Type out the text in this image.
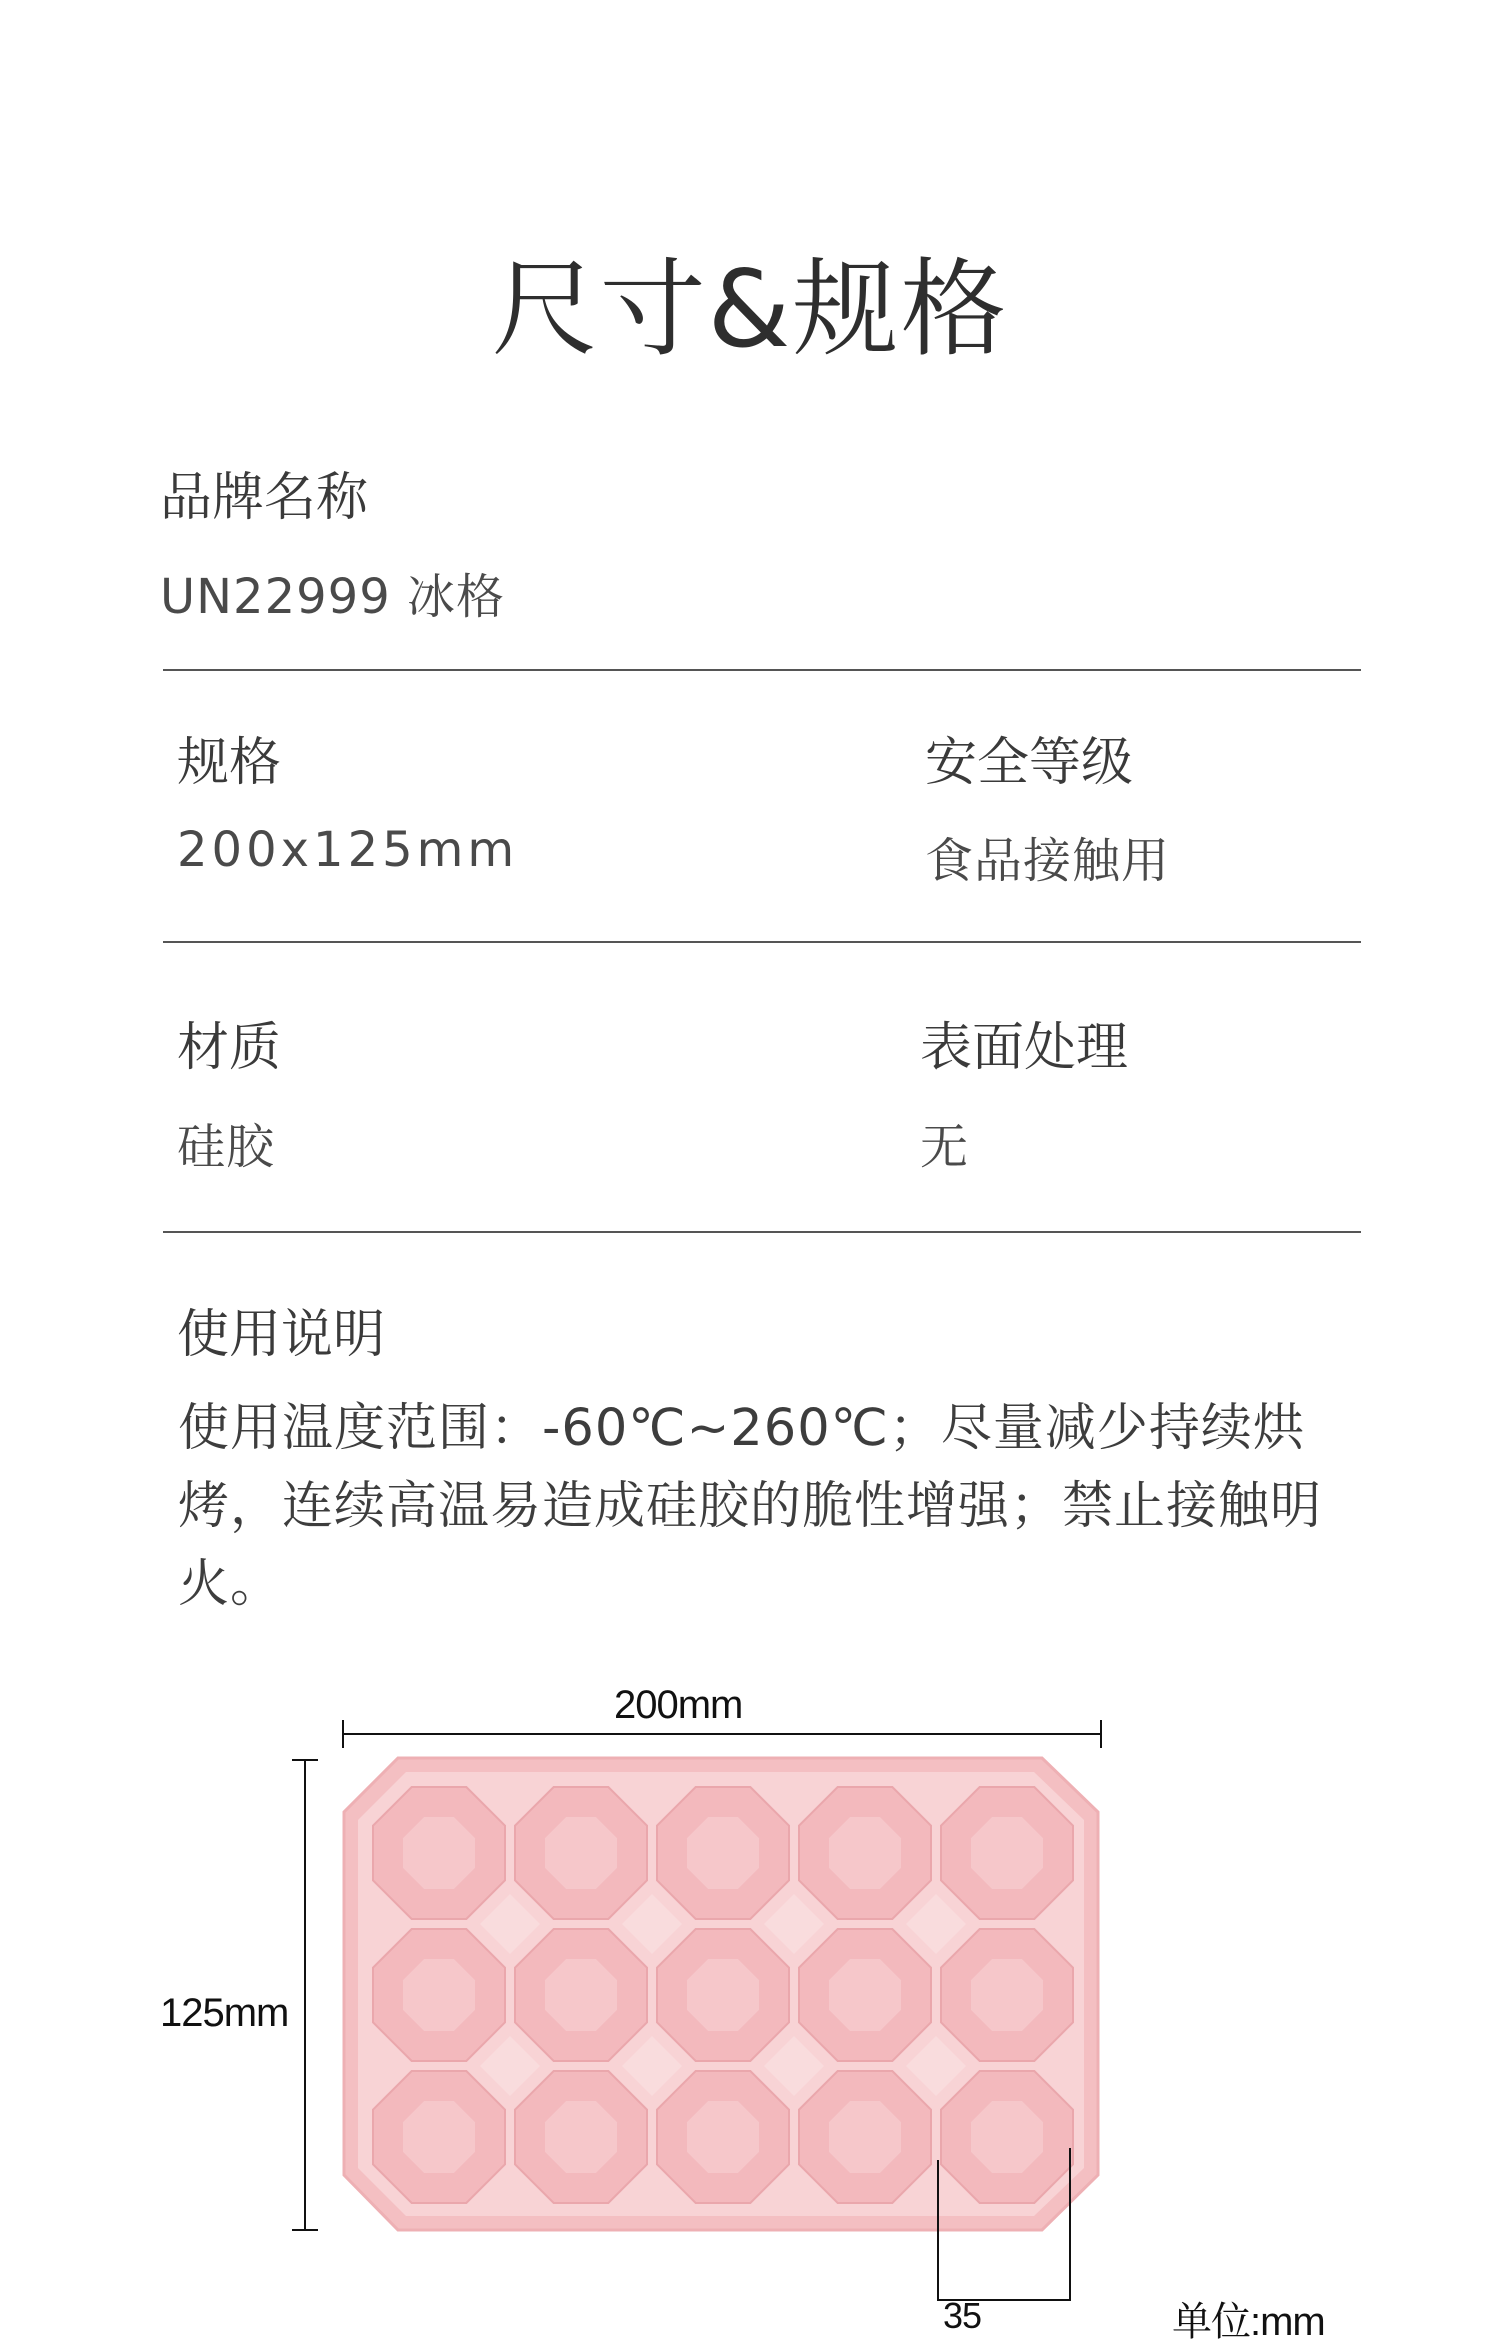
尺寸&规格
品牌名称
UN22999 冰格
规格
200x125mm
安全等级
食品接触用
材质
硅胶
表面处理
无
使用说明
使用温度范围：-60℃~260℃；尽量减少持续烘烤，连续高温易造成硅胶的脆性增强；禁止接触明火。
200mm
125mm
35	单位:mm
